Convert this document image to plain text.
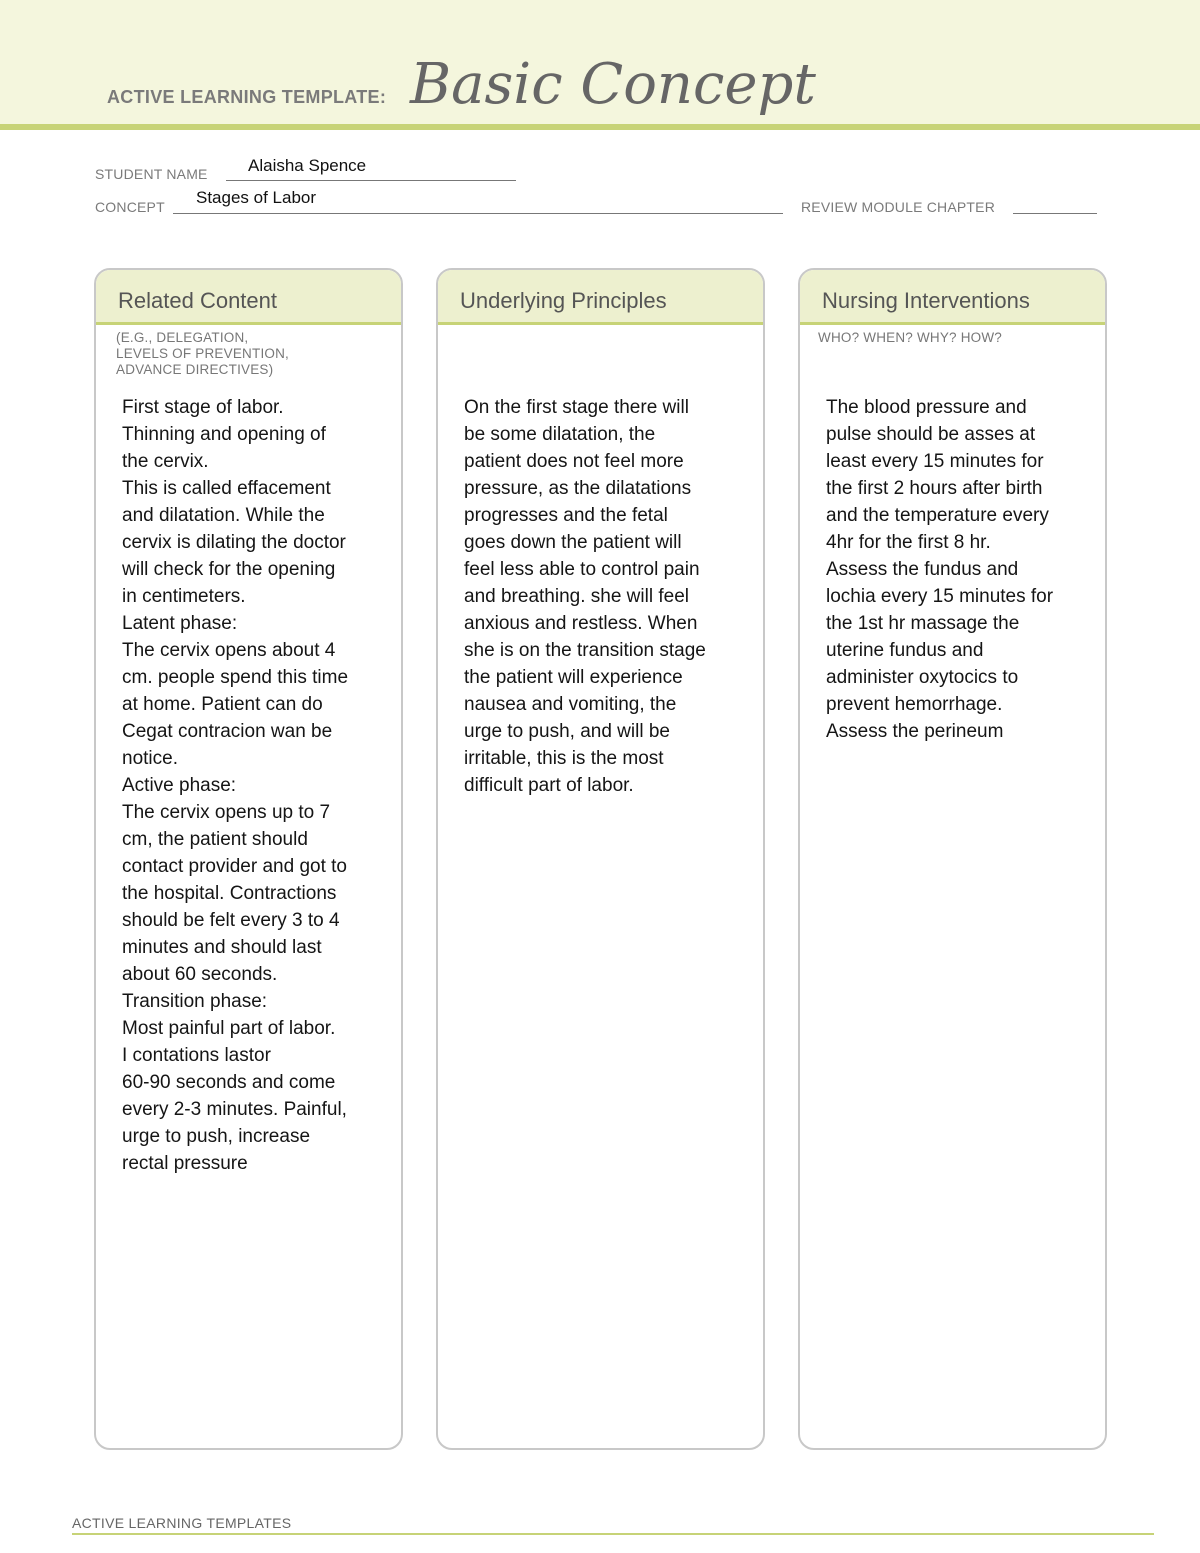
ACTIVE LEARNING TEMPLATE: Basic Concept
STUDENT NAME Alaisha Spence
CONCEPT Stages of Labor	REVIEW MODULE CHAPTER
Related Content
(E.G., DELEGATION,
LEVELS OF PREVENTION,
ADVANCE DIRECTIVES)
First stage of labor.
Thinning and opening of
the cervix.
This is called effacement
and dilatation. While the
cervix is dilating the doctor
will check for the opening
in centimeters.
Latent phase:
The cervix opens about 4
cm. people spend this time
at home. Patient can do
Cegat contracion wan be
notice.
Active phase:
The cervix opens up to 7
cm, the patient should
contact provider and got to
the hospital. Contractions
should be felt every 3 to 4
minutes and should last
about 60 seconds.
Transition phase:
Most painful part of labor.
I contations lastor
60-90 seconds and come
every 2-3 minutes. Painful,
urge to push, increase
rectal pressure
Underlying Principles
On the first stage there will
be some dilatation, the
patient does not feel more
pressure, as the dilatations
progresses and the fetal
goes down the patient will
feel less able to control pain
and breathing. she will feel
anxious and restless. When
she is on the transition stage
the patient will experience
nausea and vomiting, the
urge to push, and will be
irritable, this is the most
difficult part of labor.
Nursing Interventions
WHO? WHEN? WHY? HOW?
The blood pressure and
pulse should be asses at
least every 15 minutes for
the first 2 hours after birth
and the temperature every
4hr for the first 8 hr.
Assess the fundus and
lochia every 15 minutes for
the 1st hr massage the
uterine fundus and
administer oxytocics to
prevent hemorrhage.
Assess the perineum
ACTIVE LEARNING TEMPLATES
